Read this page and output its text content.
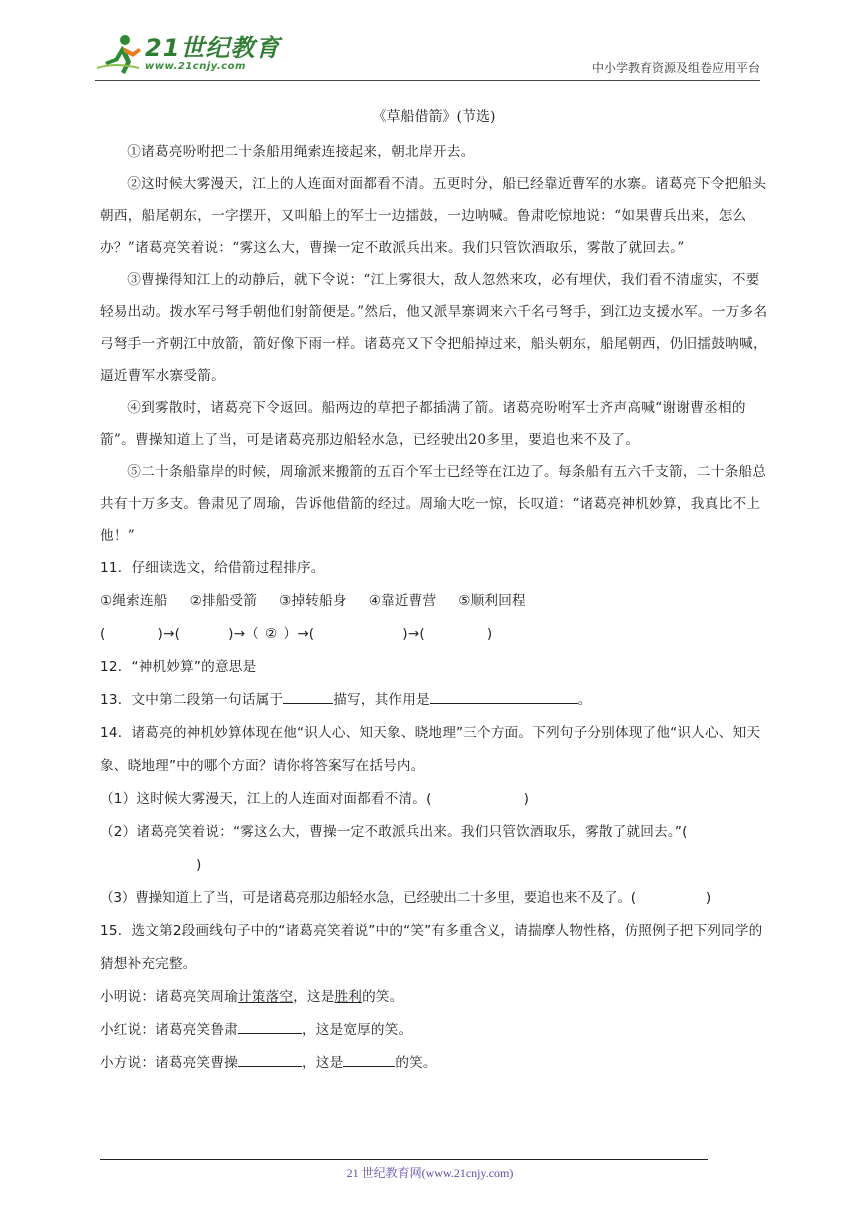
21世纪教育
www.21cnjy.com	中小学教育资源及组卷应用平台
《草船借箭》(节选)

①诸葛亮吩咐把二十条船用绳索连接起来，朝北岸开去。

②这时候大雾漫天，江上的人连面对面都看不清。五更时分，船已经靠近曹军的水寨。诸葛亮下令把船头朝西，船尾朝东，一字摆开，又叫船上的军士一边擂鼓，一边呐喊。鲁肃吃惊地说：“如果曹兵出来，怎么办？”诸葛亮笑着说：“雾这么大，曹操一定不敢派兵出来。我们只管饮酒取乐，雾散了就回去。”

③曹操得知江上的动静后，就下令说：“江上雾很大，敌人忽然来攻，必有埋伏，我们看不清虚实，不要轻易出动。拨水军弓弩手朝他们射箭便是。”然后，他又派旱寨调来六千名弓弩手，到江边支援水军。一万多名弓弩手一齐朝江中放箭，箭好像下雨一样。诸葛亮又下令把船掉过来，船头朝东，船尾朝西，仍旧擂鼓呐喊，逼近曹军水寨受箭。

④到雾散时，诸葛亮下令返回。船两边的草把子都插满了箭。诸葛亮吩咐军士齐声高喊“谢谢曹丞相的箭”。曹操知道上了当，可是诸葛亮那边船轻水急，已经驶出20多里，要追也来不及了。

⑤二十条船靠岸的时候，周瑜派来搬箭的五百个军士已经等在江边了。每条船有五六千支箭，二十条船总共有十万多支。鲁肃见了周瑜，告诉他借箭的经过。周瑜大吃一惊，长叹道：“诸葛亮神机妙算，我真比不上他！”

11．仔细读选文，给借箭过程排序。

①绳索连船 ②排船受箭 ③掉转船身 ④靠近曹营 ⑤顺利回程

(	)→(	)→（ ② ）→(	)→(	)

12．“神机妙算”的意思是

13．文中第二段第一句话属于	描写，其作用是	。

14．诸葛亮的神机妙算体现在他“识人心、知天象、晓地理”三个方面。下列句子分别体现了他“识人心、知天象、晓地理”中的哪个方面？请你将答案写在括号内。

（1）这时候大雾漫天，江上的人连面对面都看不清。(	)

（2）诸葛亮笑着说：“雾这么大，曹操一定不敢派兵出来。我们只管饮酒取乐，雾散了就回去。”()

（3）曹操知道上了当，可是诸葛亮那边船轻水急，已经驶出二十多里，要追也来不及了。(	)

15．选文第2段画线句子中的“诸葛亮笑着说”中的“笑”有多重含义，请揣摩人物性格，仿照例子把下列同学的猜想补充完整。

小明说：诸葛亮笑周瑜计策落空，这是胜利的笑。

小红说：诸葛亮笑鲁肃	，这是宽厚的笑。

小方说：诸葛亮笑曹操	，这是	的笑。

21 世纪教育网(www.21cnjy.com)
